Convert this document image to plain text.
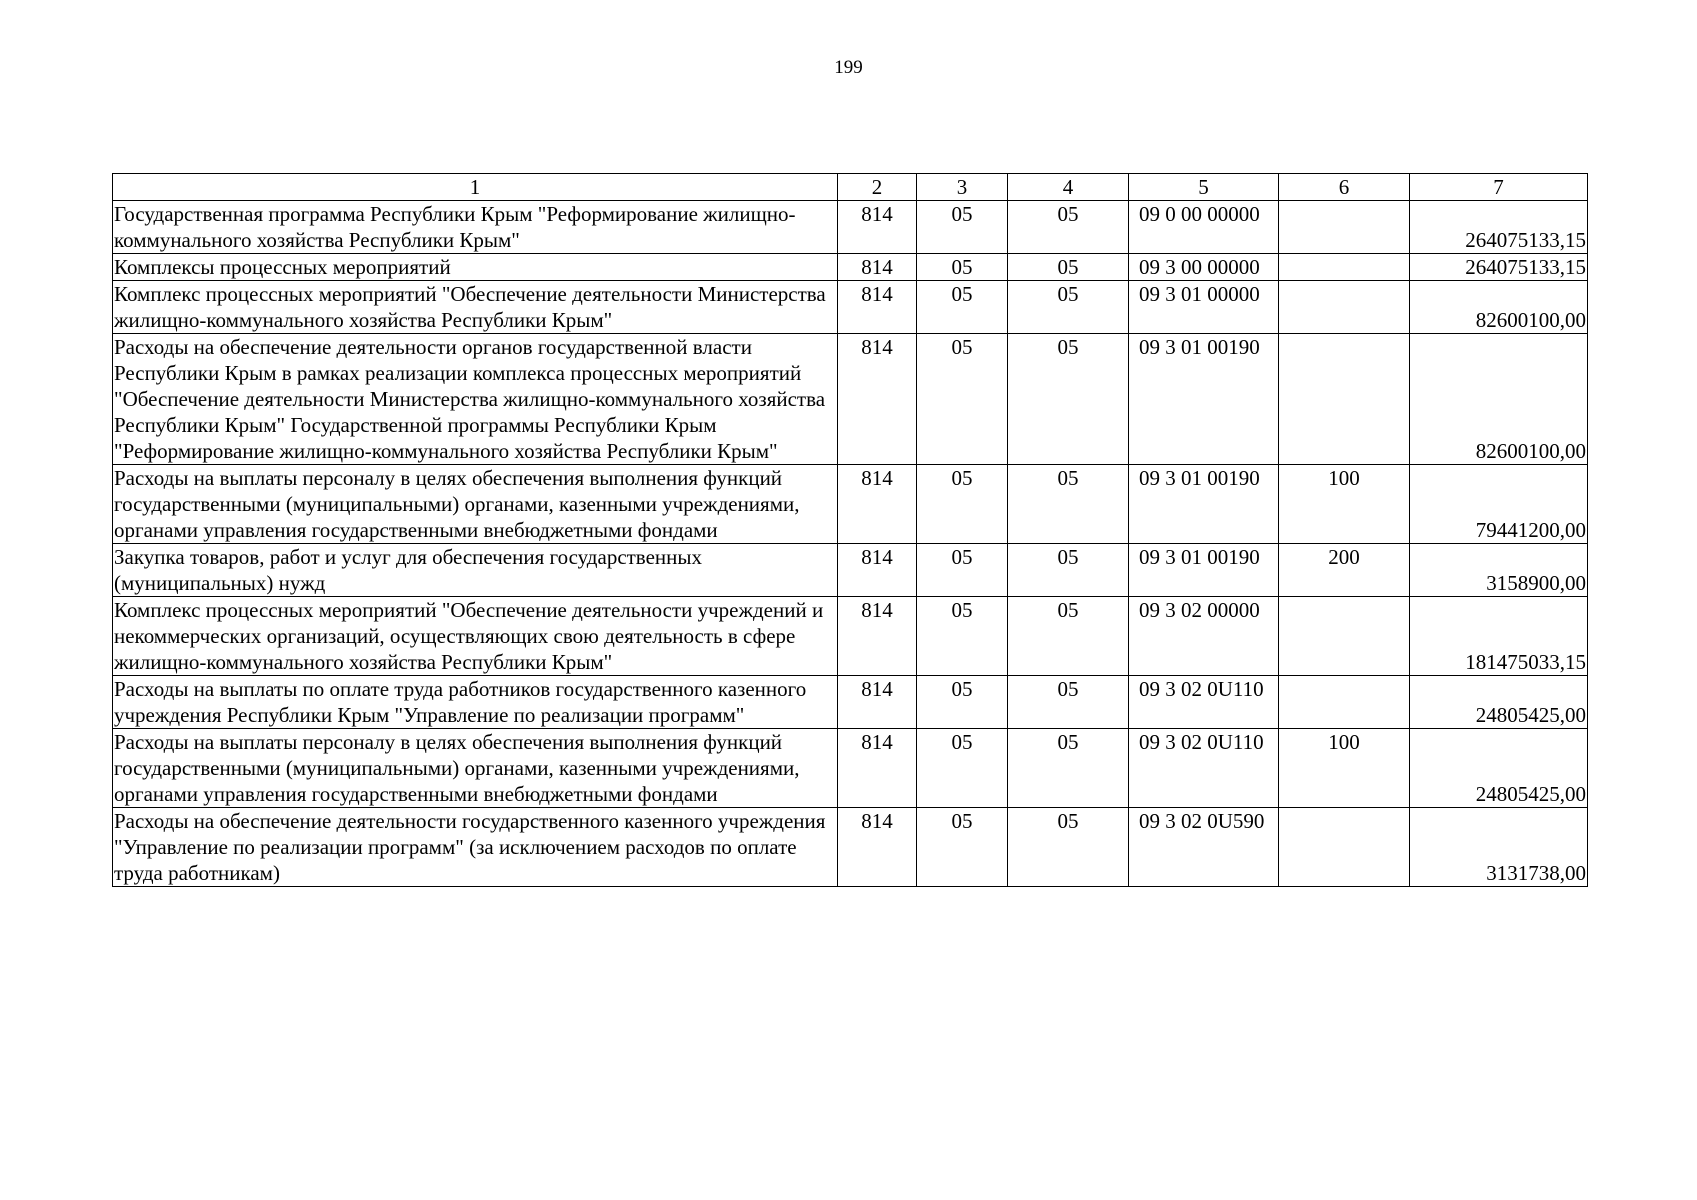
199
1	2	3	4	5	6	7
Государственная программа Республики Крым "Реформирование жилищно-коммунального хозяйства Республики Крым"	814	05	05	09 0 00 00000		264075133,15
Комплексы процессных мероприятий	814	05	05	09 3 00 00000		264075133,15
Комплекс процессных мероприятий "Обеспечение деятельности Министерства жилищно-коммунального хозяйства Республики Крым"	814	05	05	09 3 01 00000		82600100,00
Расходы на обеспечение деятельности органов государственной власти Республики Крым в рамках реализации комплекса процессных мероприятий "Обеспечение деятельности Министерства жилищно-коммунального хозяйства Республики Крым" Государственной программы Республики Крым "Реформирование жилищно-коммунального хозяйства Республики Крым"	814	05	05	09 3 01 00190		82600100,00
Расходы на выплаты персоналу в целях обеспечения выполнения функций государственными (муниципальными) органами, казенными учреждениями, органами управления государственными внебюджетными фондами	814	05	05	09 3 01 00190	100	79441200,00
Закупка товаров, работ и услуг для обеспечения государственных (муниципальных) нужд	814	05	05	09 3 01 00190	200	3158900,00
Комплекс процессных мероприятий "Обеспечение деятельности учреждений и некоммерческих организаций, осуществляющих свою деятельность в сфере жилищно-коммунального хозяйства Республики Крым"	814	05	05	09 3 02 00000		181475033,15
Расходы на выплаты по оплате труда работников государственного казенного учреждения Республики Крым "Управление по реализации программ"	814	05	05	09 3 02 0U110		24805425,00
Расходы на выплаты персоналу в целях обеспечения выполнения функций государственными (муниципальными) органами, казенными учреждениями, органами управления государственными внебюджетными фондами	814	05	05	09 3 02 0U110	100	24805425,00
Расходы на обеспечение деятельности государственного казенного учреждения "Управление по реализации программ" (за исключением расходов по оплате труда работникам)	814	05	05	09 3 02 0U590		3131738,00
